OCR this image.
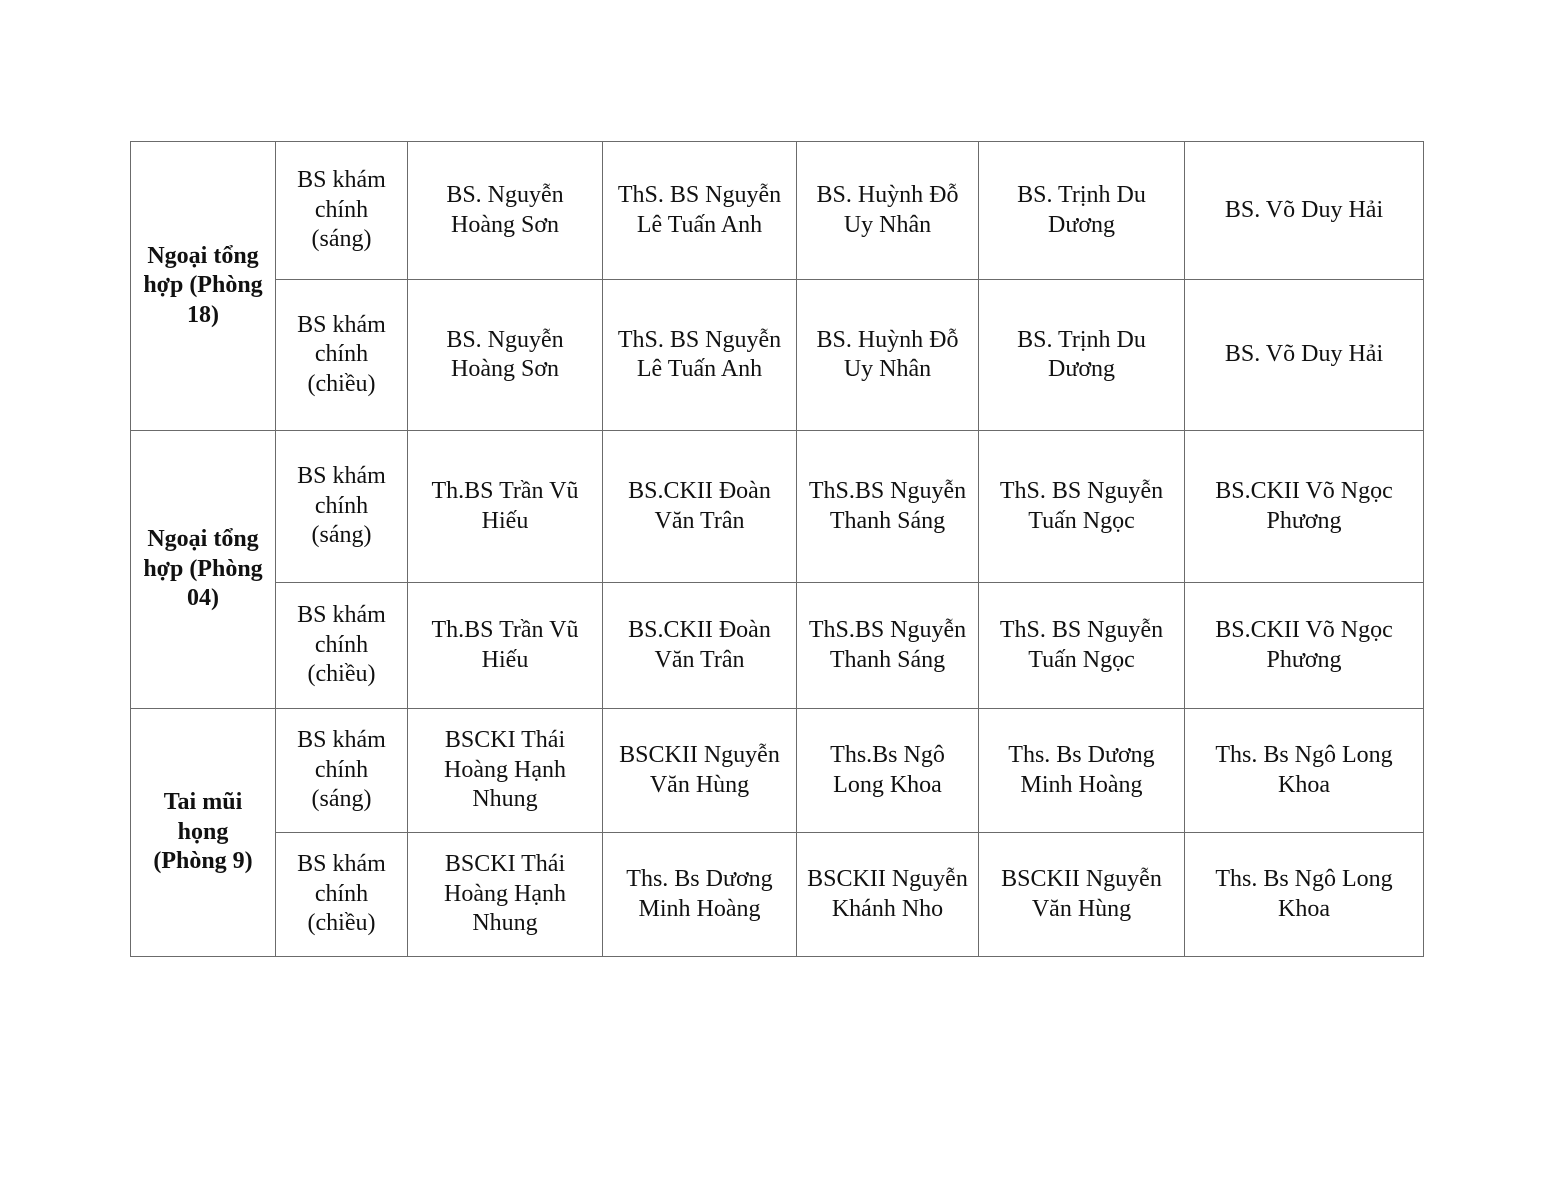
Ngoại tổng hợp (Phòng 18)	BS khám chính (sáng)	BS. Nguyễn Hoàng Sơn	ThS. BS Nguyễn Lê Tuấn Anh	BS. Huỳnh Đỗ Uy Nhân	BS. Trịnh Du Dương	BS. Võ Duy Hải
	BS khám chính (chiều)	BS. Nguyễn Hoàng Sơn	ThS. BS Nguyễn Lê Tuấn Anh	BS. Huỳnh Đỗ Uy Nhân	BS. Trịnh Du Dương	BS. Võ Duy Hải
Ngoại tổng hợp (Phòng 04)	BS khám chính (sáng)	Th.BS Trần Vũ Hiếu	BS.CKII Đoàn Văn Trân	ThS.BS Nguyễn Thanh Sáng	ThS. BS Nguyễn Tuấn Ngọc	BS.CKII Võ Ngọc Phương
	BS khám chính (chiều)	Th.BS Trần Vũ Hiếu	BS.CKII Đoàn Văn Trân	ThS.BS Nguyễn Thanh Sáng	ThS. BS Nguyễn Tuấn Ngọc	BS.CKII Võ Ngọc Phương
Tai mũi họng (Phòng 9)	BS khám chính (sáng)	BSCKI Thái Hoàng Hạnh Nhung	BSCKII Nguyễn Văn Hùng	Ths.Bs Ngô Long Khoa	Ths. Bs Dương Minh Hoàng	Ths. Bs Ngô Long Khoa
	BS khám chính (chiều)	BSCKI Thái Hoàng Hạnh Nhung	Ths. Bs Dương Minh Hoàng	BSCKII Nguyễn Khánh Nho	BSCKII Nguyễn Văn Hùng	Ths. Bs Ngô Long Khoa
